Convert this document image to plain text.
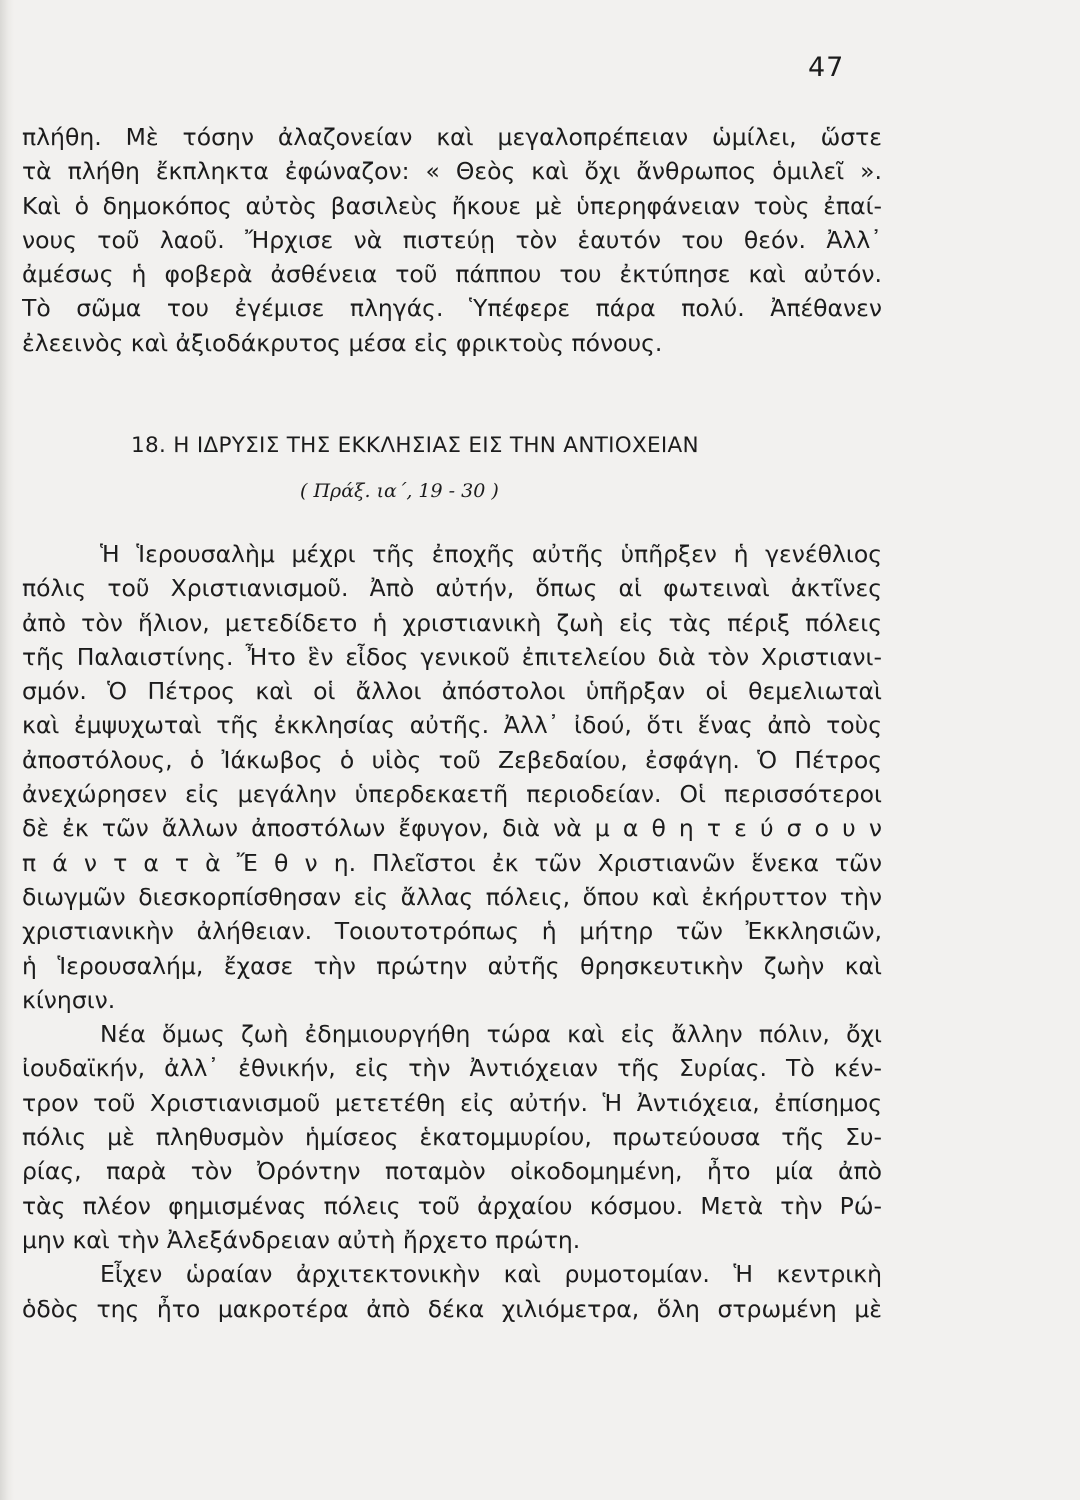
47
πλήθη. Μὲ τόσην ἀλαζονείαν καὶ μεγαλοπρέπειαν ὡμίλει, ὥστε
τὰ πλήθη ἔκπληκτα ἐφώναζον: « Θεὸς καὶ ὄχι ἄνθρωπος ὁμιλεῖ ».
Καὶ ὁ δημοκόπος αὐτὸς βασιλεὺς ἤκουε μὲ ὑπερηφάνειαν τοὺς ἐπαί-
νους τοῦ λαοῦ. Ἤρχισε νὰ πιστεύῃ τὸν ἑαυτόν του θεόν. Ἀλλ᾿
ἀμέσως ἡ φοβερὰ ἀσθένεια τοῦ πάππου του ἐκτύπησε καὶ αὐτόν.
Τὸ σῶμα του ἐγέμισε πληγάς. Ὑπέφερε πάρα πολύ. Ἀπέθανεν
ἐλεεινὸς καὶ ἀξιοδάκρυτος μέσα εἰς φρικτοὺς πόνους.
18. Η ΙΔΡΥΣΙΣ ΤΗΣ ΕΚΚΛΗΣΙΑΣ ΕΙΣ ΤΗΝ ΑΝΤΙΟΧΕΙΑΝ
( Πράξ. ια΄, 19 - 30 )
Ἡ Ἱερουσαλὴμ μέχρι τῆς ἐποχῆς αὐτῆς ὑπῆρξεν ἡ γενέθλιος
πόλις τοῦ Χριστιανισμοῦ. Ἀπὸ αὐτήν, ὅπως αἱ φωτειναὶ ἀκτῖνες
ἀπὸ τὸν ἥλιον, μετεδίδετο ἡ χριστιανικὴ ζωὴ εἰς τὰς πέριξ πόλεις
τῆς Παλαιστίνης. Ἦτο ἓν εἶδος γενικοῦ ἐπιτελείου διὰ τὸν Χριστιανι-
σμόν. Ὁ Πέτρος καὶ οἱ ἄλλοι ἀπόστολοι ὑπῆρξαν οἱ θεμελιωταὶ
καὶ ἐμψυχωταὶ τῆς ἐκκλησίας αὐτῆς. Ἀλλ᾿ ἰδού, ὅτι ἕνας ἀπὸ τοὺς
ἀποστόλους, ὁ Ἰάκωβος ὁ υἱὸς τοῦ Ζεβεδαίου, ἐσφάγη. Ὁ Πέτρος
ἀνεχώρησεν εἰς μεγάλην ὑπερδεκαετῆ περιοδείαν. Οἱ περισσότεροι
δὲ ἐκ τῶν ἄλλων ἀποστόλων ἔφυγον, διὰ νὰ μ α θ η τ ε ύ σ ο υ ν
π ά ν τ α τ ὰ Ἔ θ ν η. Πλεῖστοι ἐκ τῶν Χριστιανῶν ἕνεκα τῶν
διωγμῶν διεσκορπίσθησαν εἰς ἄλλας πόλεις, ὅπου καὶ ἐκήρυττον τὴν
χριστιανικὴν ἀλήθειαν. Τοιουτοτρόπως ἡ μήτηρ τῶν Ἐκκλησιῶν,
ἡ Ἱερουσαλήμ, ἔχασε τὴν πρώτην αὐτῆς θρησκευτικὴν ζωὴν καὶ
κίνησιν.
Νέα ὅμως ζωὴ ἐδημιουργήθη τώρα καὶ εἰς ἄλλην πόλιν, ὄχι
ἰουδαϊκήν, ἀλλ᾿ ἐθνικήν, εἰς τὴν Ἀντιόχειαν τῆς Συρίας. Τὸ κέν-
τρον τοῦ Χριστιανισμοῦ μετετέθη εἰς αὐτήν. Ἡ Ἀντιόχεια, ἐπίσημος
πόλις μὲ πληθυσμὸν ἡμίσεος ἑκατομμυρίου, πρωτεύουσα τῆς Συ-
ρίας, παρὰ τὸν Ὀρόντην ποταμὸν οἰκοδομημένη, ἦτο μία ἀπὸ
τὰς πλέον φημισμένας πόλεις τοῦ ἀρχαίου κόσμου. Μετὰ τὴν Ρώ-
μην καὶ τὴν Ἀλεξάνδρειαν αὐτὴ ἤρχετο πρώτη.
Εἶχεν ὡραίαν ἀρχιτεκτονικὴν καὶ ρυμοτομίαν. Ἡ κεντρικὴ
ὁδὸς της ἦτο μακροτέρα ἀπὸ δέκα χιλιόμετρα, ὅλη στρωμένη μὲ
